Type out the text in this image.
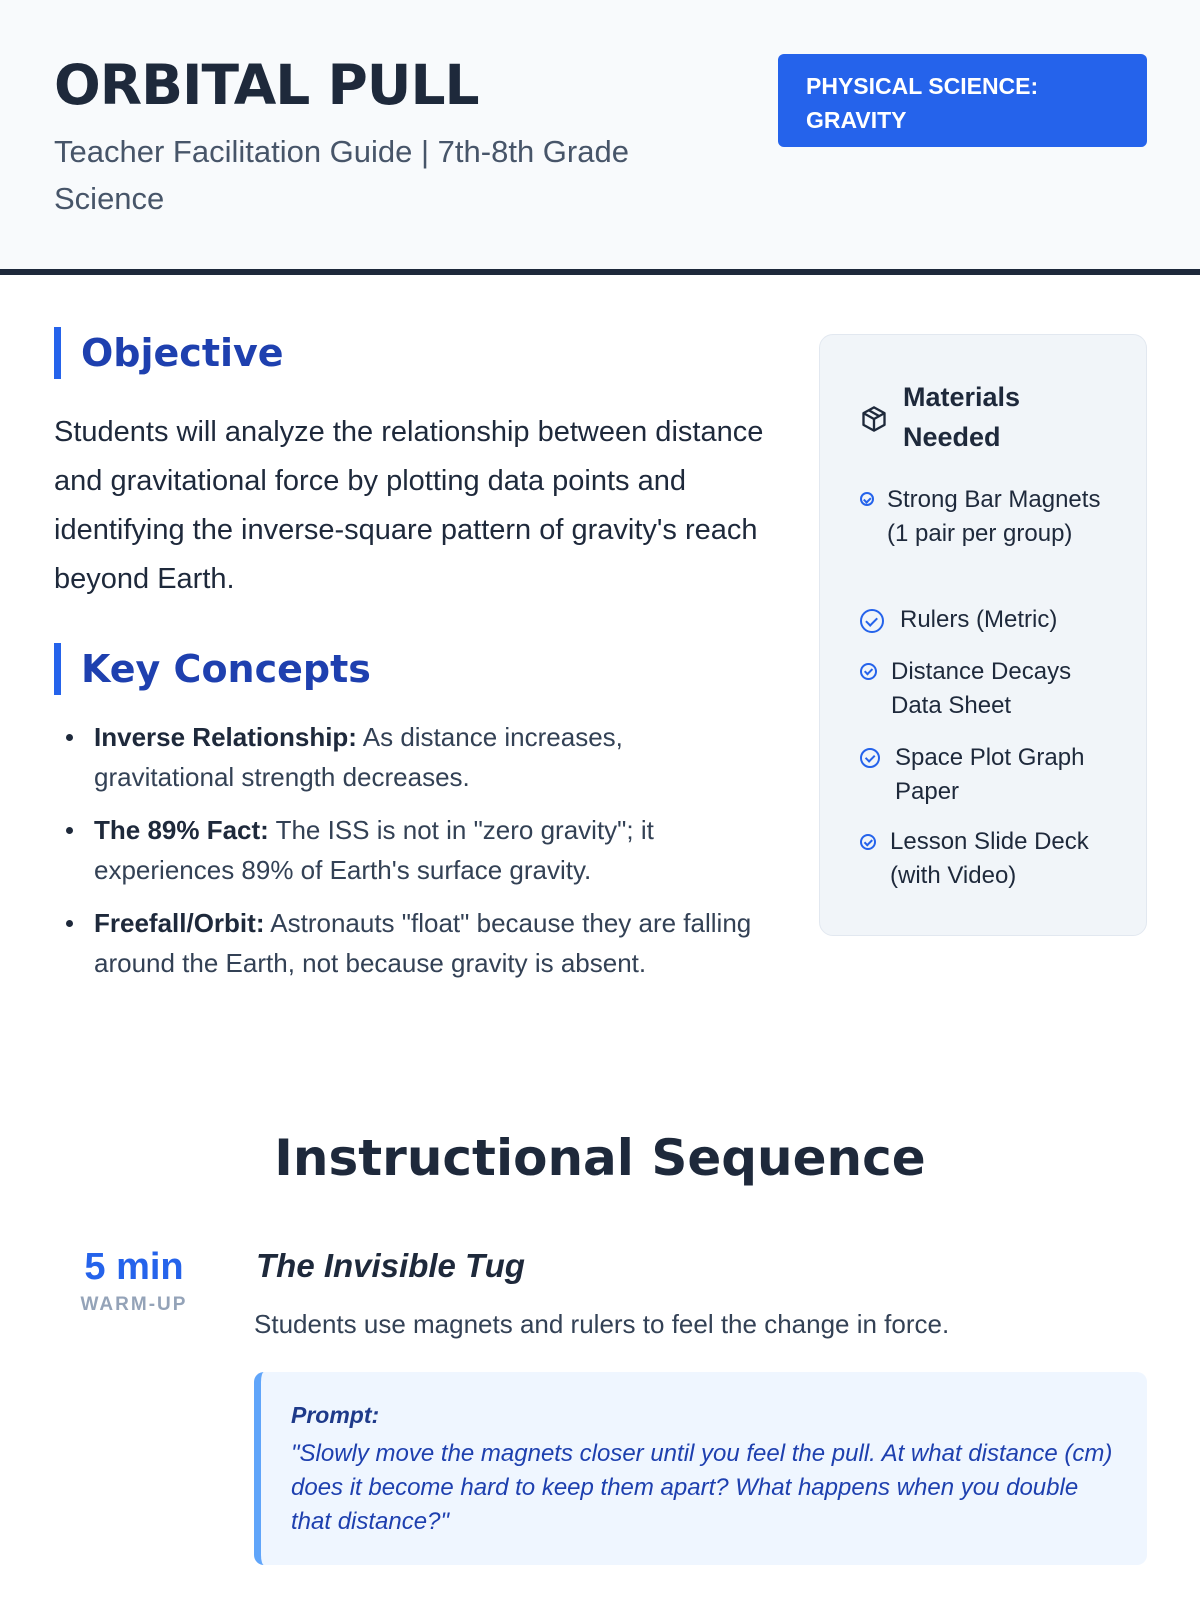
ORBITAL PULL
Teacher Facilitation Guide | 7th-8th Grade Science
PHYSICAL SCIENCE: GRAVITY
Objective

Students will analyze the relationship between distance and gravitational force by plotting data points and identifying the inverse-square pattern of gravity's reach beyond Earth.

Key Concepts
Inverse Relationship: As distance increases, gravitational strength decreases.
The 89% Fact: The ISS is not in "zero gravity"; it experiences 89% of Earth's surface gravity.
Freefall/Orbit: Astronauts "float" because they are falling around the Earth, not because gravity is absent.
Materials Needed
Strong Bar Magnets (1 pair per group)
Rulers (Metric)
Distance Decays Data Sheet
Space Plot Graph Paper
Lesson Slide Deck (with Video)
Instructional Sequence
5 min
WARM-UP
The Invisible Tug

Students use magnets and rulers to feel the change in force.

Prompt:
"Slowly move the magnets closer until you feel the pull. At what distance (cm) does it become hard to keep them apart? What happens when you double that distance?"
